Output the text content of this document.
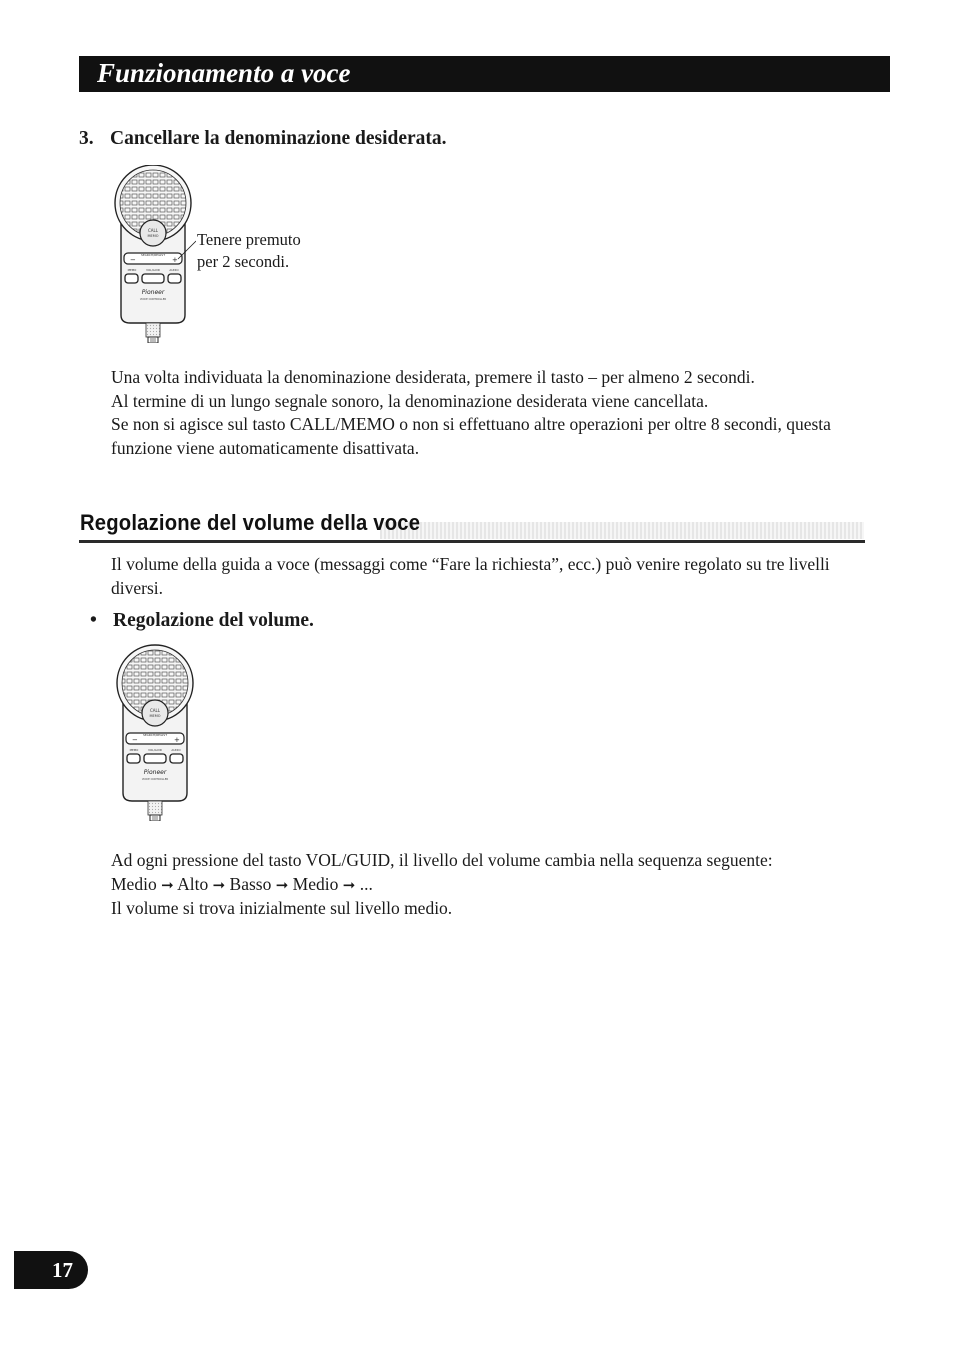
Funzionamento a voce
3. Cancellare la denominazione desiderata.
CALL
MEMO
SEARCH/REGIST
−	+
MEMO	VOL/GUID	AUDIO
Pioneer
VOICE CONTROLLER
Tenere premuto
per 2 secondi.

Una volta individuata la denominazione desiderata, premere il tasto – per almeno 2 secondi.

Al termine di un lungo segnale sonoro, la denominazione desiderata viene cancellata.

Se non si agisce sul tasto CALL/MEMO o non si effettuano altre operazioni per oltre 8 secondi, questa funzione viene automaticamente disattivata.

Regolazione del volume della voce

Il volume della guida a voce (messaggi come “Fare la richiesta”, ecc.) può venire regolato su tre livelli diversi.

• Regolazione del volume.
CALL
MEMO
SEARCH/REGIST
−	+
MEMO	VOL/GUID	AUDIO
Pioneer
VOICE CONTROLLER

Ad ogni pressione del tasto VOL/GUID, il livello del volume cambia nella sequenza seguente:

Medio ➞ Alto ➞ Basso ➞ Medio ➞ ...

Il volume si trova inizialmente sul livello medio.

17
